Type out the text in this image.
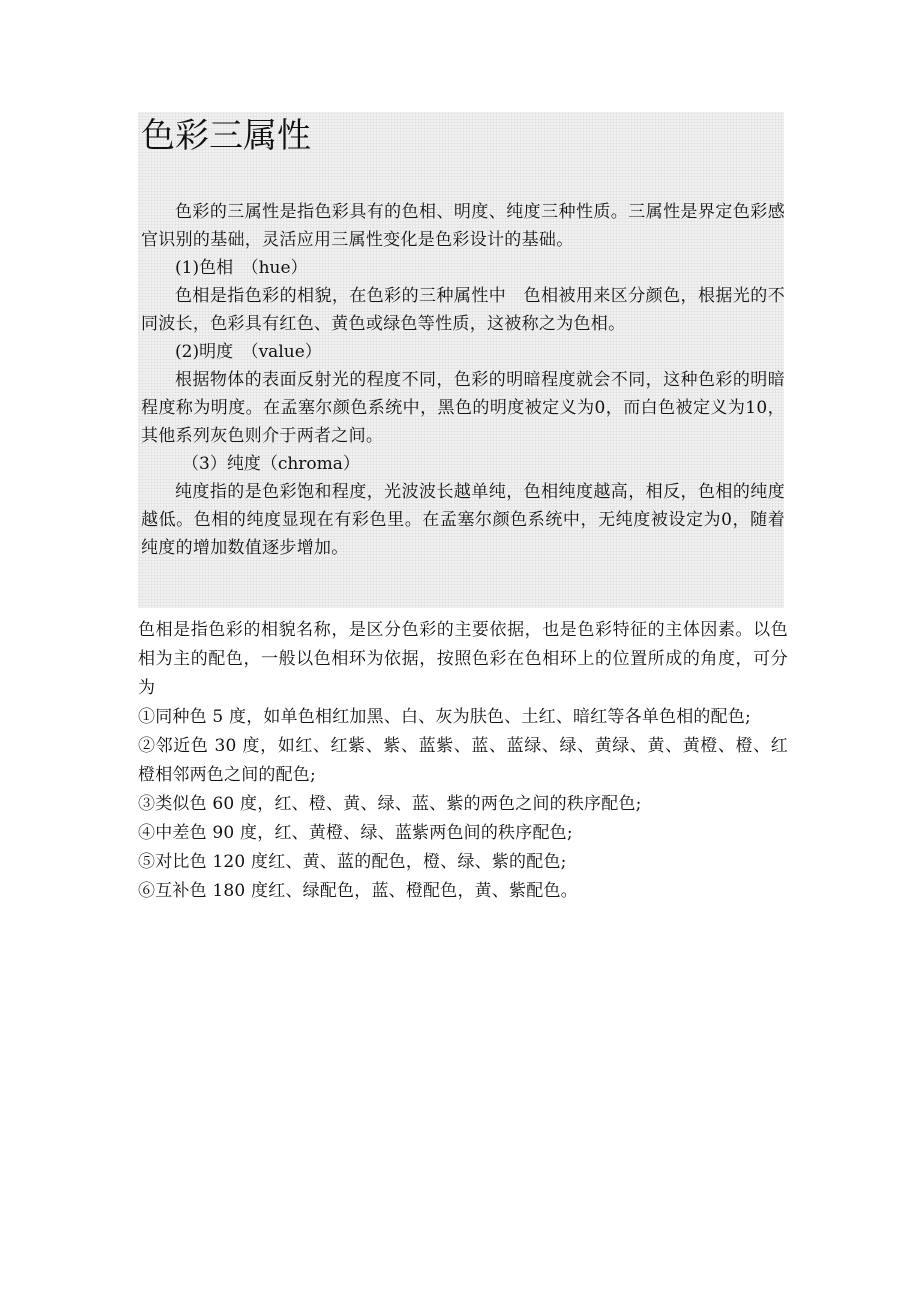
色彩三属性

色彩的三属性是指色彩具有的色相、明度、纯度三种性质。三属性是界定色彩感官识别的基础，灵活应用三属性变化是色彩设计的基础。

(1)色相　（hue）

色相是指色彩的相貌，在色彩的三种属性中　色相被用来区分颜色，根据光的不同波长，色彩具有红色、黄色或绿色等性质，这被称之为色相。

(2)明度　（value）

根据物体的表面反射光的程度不同，色彩的明暗程度就会不同，这种色彩的明暗程度称为明度。在孟塞尔颜色系统中，黑色的明度被定义为0，而白色被定义为10，其他系列灰色则介于两者之间。

（3）纯度（chroma）

纯度指的是色彩饱和程度，光波波长越单纯，色相纯度越高，相反，色相的纯度越低。色相的纯度显现在有彩色里。在孟塞尔颜色系统中，无纯度被设定为0，随着纯度的增加数值逐步增加。

色相是指色彩的相貌名称，是区分色彩的主要依据，也是色彩特征的主体因素。以色相为主的配色，一般以色相环为依据，按照色彩在色相环上的位置所成的角度，可分为

①同种色 5 度，如单色相红加黑、白、灰为肤色、土红、暗红等各单色相的配色;

②邻近色 30 度，如红、红紫、紫、蓝紫、蓝、蓝绿、绿、黄绿、黄、黄橙、橙、红橙相邻两色之间的配色;

③类似色 60 度，红、橙、黄、绿、蓝、紫的两色之间的秩序配色;

④中差色 90 度，红、黄橙、绿、蓝紫两色间的秩序配色;

⑤对比色 120 度红、黄、蓝的配色，橙、绿、紫的配色;

⑥互补色 180 度红、绿配色，蓝、橙配色，黄、紫配色。
